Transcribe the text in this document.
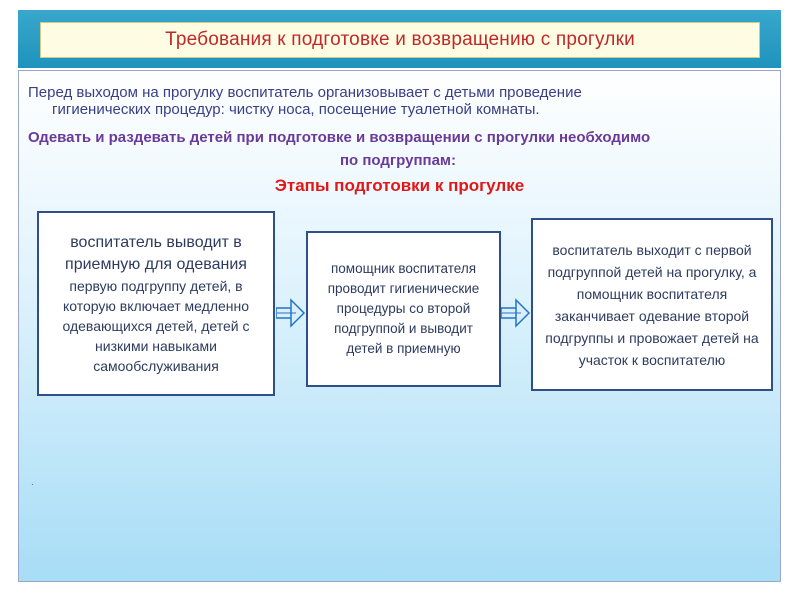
Требования к подготовке и возвращению с прогулки
Перед выходом на прогулку воспитатель организовывает с детьми проведение
гигиенических процедур: чистку носа, посещение туалетной комнаты.
Одевать и раздевать детей при подготовке и возвращении с прогулки необходимо
по подгруппам:
Этапы подготовки к прогулке
воспитатель выводит в приемную для одевания
первую подгруппу детей, в которую включает медленно одевающихся детей, детей с низкими навыками самообслуживания
помощник воспитателя проводит гигиенические процедуры со второй подгруппой и выводит детей в приемную
воспитатель выходит с первой подгруппой детей на прогулку, а помощник воспитателя заканчивает одевание второй подгруппы и провожает детей на участок к воспитателю
.
